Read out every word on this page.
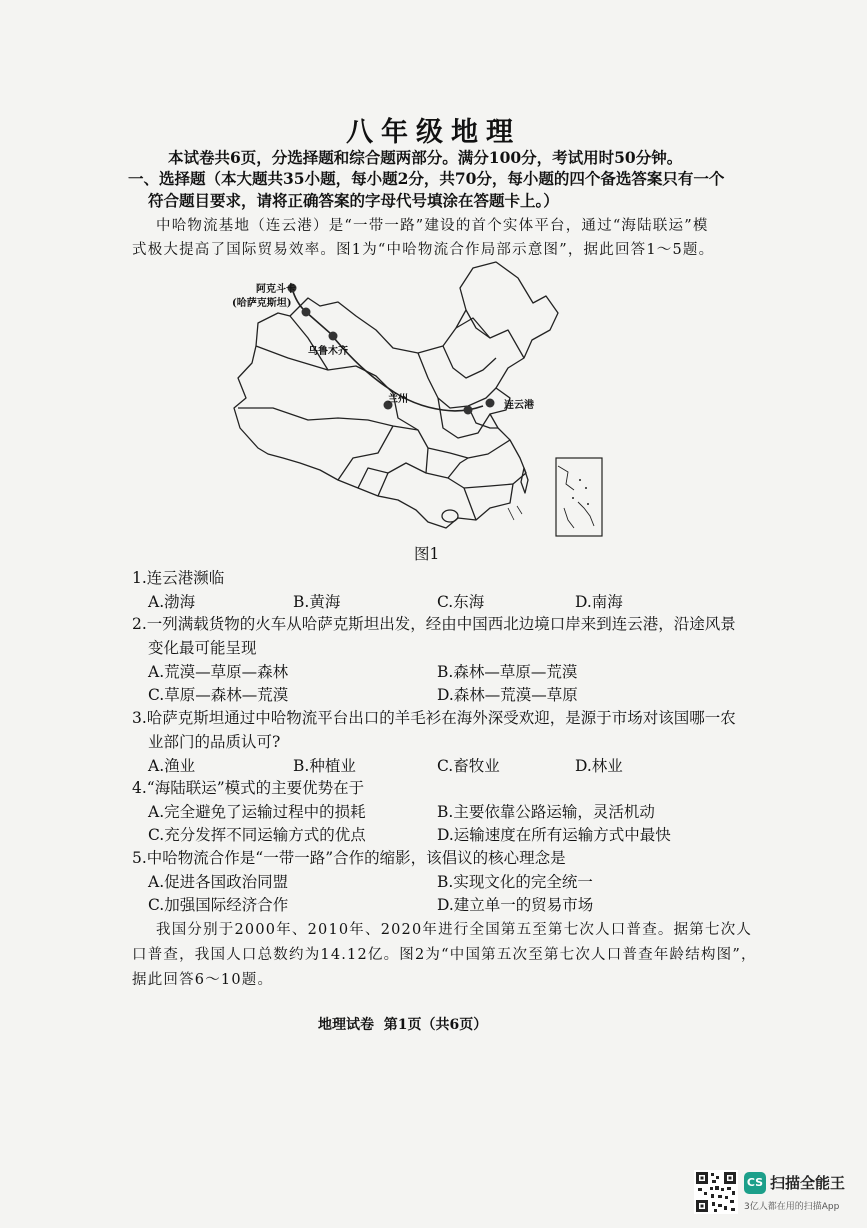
八年级地理
本试卷共6页，分选择题和综合题两部分。满分100分，考试用时50分钟。
一、选择题（本大题共35小题，每小题2分，共70分，每小题的四个备选答案只有一个
符合题目要求，请将正确答案的字母代号填涂在答题卡上。）
中哈物流基地（连云港）是“一带一路”建设的首个实体平台，通过“海陆联运”模
式极大提高了国际贸易效率。图1为“中哈物流合作局部示意图”，据此回答1～5题。
阿克斗卡
(哈萨克斯坦)
乌鲁木齐
兰州
连云港
图1
1.连云港濒临
A.渤海	B.黄海	C.东海	D.南海
2.一列满载货物的火车从哈萨克斯坦出发，经由中国西北边境口岸来到连云港，沿途风景
变化最可能呈现
A.荒漠—草原—森林	B.森林—草原—荒漠
C.草原—森林—荒漠	D.森林—荒漠—草原
3.哈萨克斯坦通过中哈物流平台出口的羊毛衫在海外深受欢迎，是源于市场对该国哪一农
业部门的品质认可?
A.渔业	B.种植业	C.畜牧业	D.林业
4.“海陆联运”模式的主要优势在于
A.完全避免了运输过程中的损耗	B.主要依靠公路运输，灵活机动
C.充分发挥不同运输方式的优点	D.运输速度在所有运输方式中最快
5.中哈物流合作是“一带一路”合作的缩影，该倡议的核心理念是
A.促进各国政治同盟	B.实现文化的完全统一
C.加强国际经济合作	D.建立单一的贸易市场
我国分别于2000年、2010年、2020年进行全国第五至第七次人口普查。据第七次人
口普查，我国人口总数约为14.12亿。图2为“中国第五次至第七次人口普查年龄结构图”，
据此回答6～10题。
地理试卷  第1页（共6页）
CS 扫描全能王
3亿人都在用的扫描App
